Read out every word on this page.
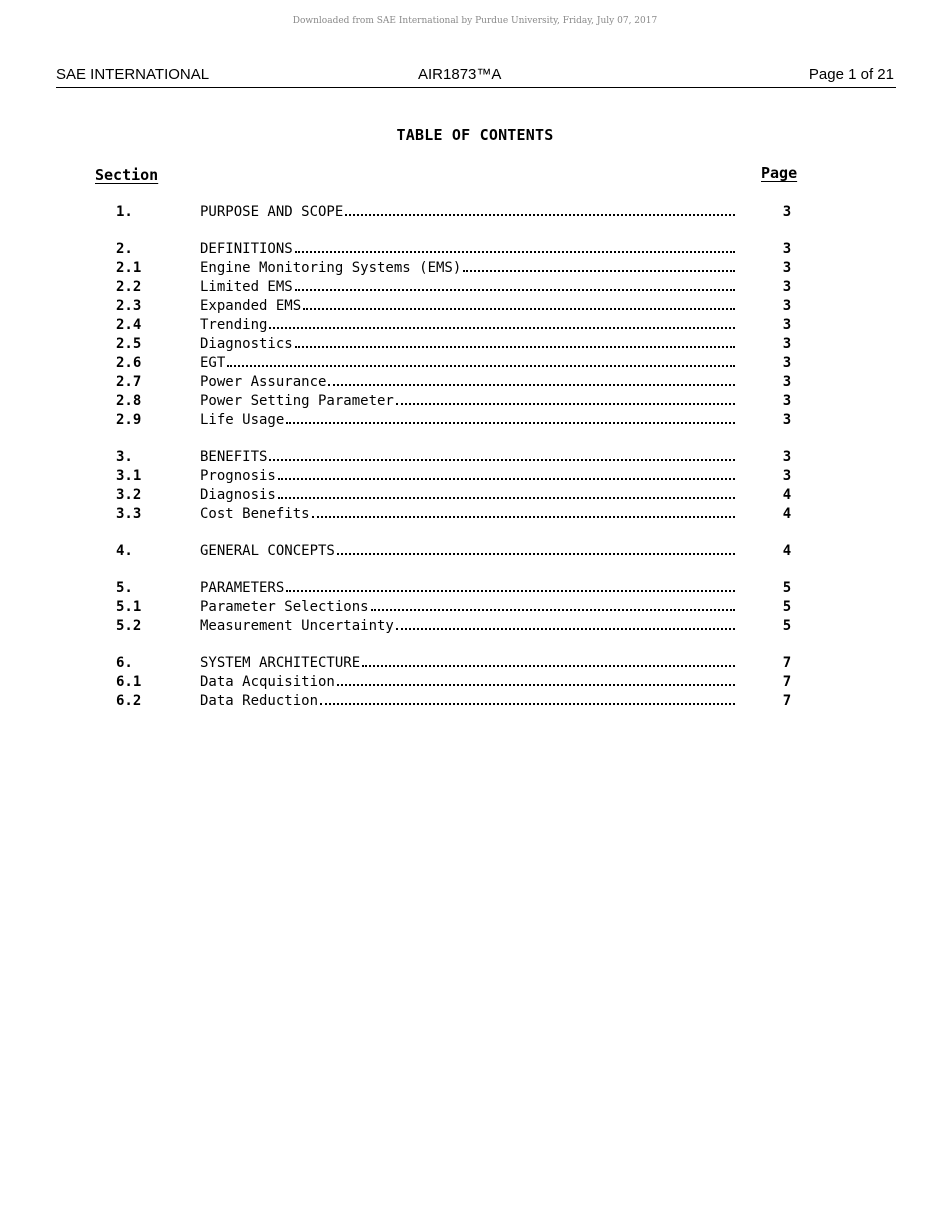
Downloaded from SAE International by Purdue University, Friday, July 07, 2017
SAE INTERNATIONAL	AIR1873™A	Page 1 of 21
TABLE OF CONTENTS
Section	Page
1.	PURPOSE AND SCOPE	3
2.	DEFINITIONS	3
2.1	Engine Monitoring Systems (EMS)	3
2.2	Limited EMS	3
2.3	Expanded EMS	3
2.4	Trending	3
2.5	Diagnostics	3
2.6	EGT	3
2.7	Power Assurance	3
2.8	Power Setting Parameter	3
2.9	Life Usage	3
3.	BENEFITS	3
3.1	Prognosis	3
3.2	Diagnosis	4
3.3	Cost Benefits	4
4.	GENERAL CONCEPTS	4
5.	PARAMETERS	5
5.1	Parameter Selections	5
5.2	Measurement Uncertainty	5
6.	SYSTEM ARCHITECTURE	7
6.1	Data Acquisition	7
6.2	Data Reduction	7
